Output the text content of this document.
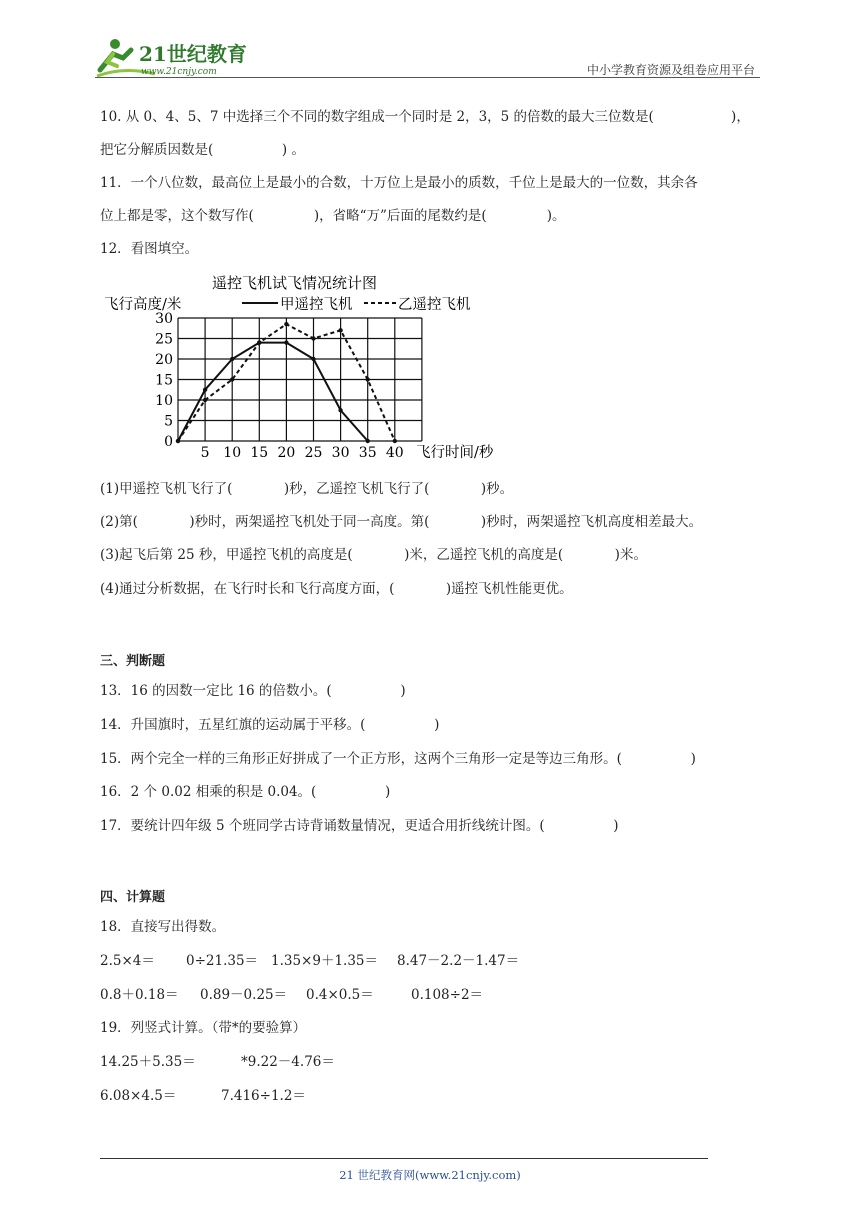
21世纪教育
www.21cnjy.com	中小学教育资源及组卷应用平台
10. 从 0、4、5、7 中选择三个不同的数字组成一个同时是 2，3，5 的倍数的最大三位数是(                  )，
把它分解质因数是(                ) 。
11．一个八位数，最高位上是最小的合数，十万位上是最小的质数，千位上是最大的一位数，其余各
位上都是零，这个数写作(              )，省略“万”后面的尾数约是(              )。
12．看图填空。
遥控飞机试飞情况统计图
飞行高度/米	甲遥控飞机	乙遥控飞机
30
25
20
15
10
5
0
5 10 15 20 25 30 35 40 飞行时间/秒
(1)甲遥控飞机飞行了(            )秒，乙遥控飞机飞行了(            )秒。
(2)第(            )秒时，两架遥控飞机处于同一高度。第(            )秒时，两架遥控飞机高度相差最大。
(3)起飞后第 25 秒，甲遥控飞机的高度是(            )米，乙遥控飞机的高度是(            )米。
(4)通过分析数据，在飞行时长和飞行高度方面，(            )遥控飞机性能更优。
三、判断题
13．16 的因数一定比 16 的倍数小。(                )
14．升国旗时，五星红旗的运动属于平移。(                )
15．两个完全一样的三角形正好拼成了一个正方形，这两个三角形一定是等边三角形。(                )
16．2 个 0.02 相乘的积是 0.04。(                )
17．要统计四年级 5 个班同学古诗背诵数量情况，更适合用折线统计图。(                )
四、计算题
18．直接写出得数。
2.5×4＝ 0÷21.35＝ 1.35×9＋1.35＝ 8.47－2.2－1.47＝
0.8＋0.18＝ 0.89－0.25＝ 0.4×0.5＝	0.108÷2＝
19．列竖式计算。（带*的要验算）
14.25＋5.35＝	*9.22－4.76＝
6.08×4.5＝	7.416÷1.2＝
21 世纪教育网(www.21cnjy.com)
